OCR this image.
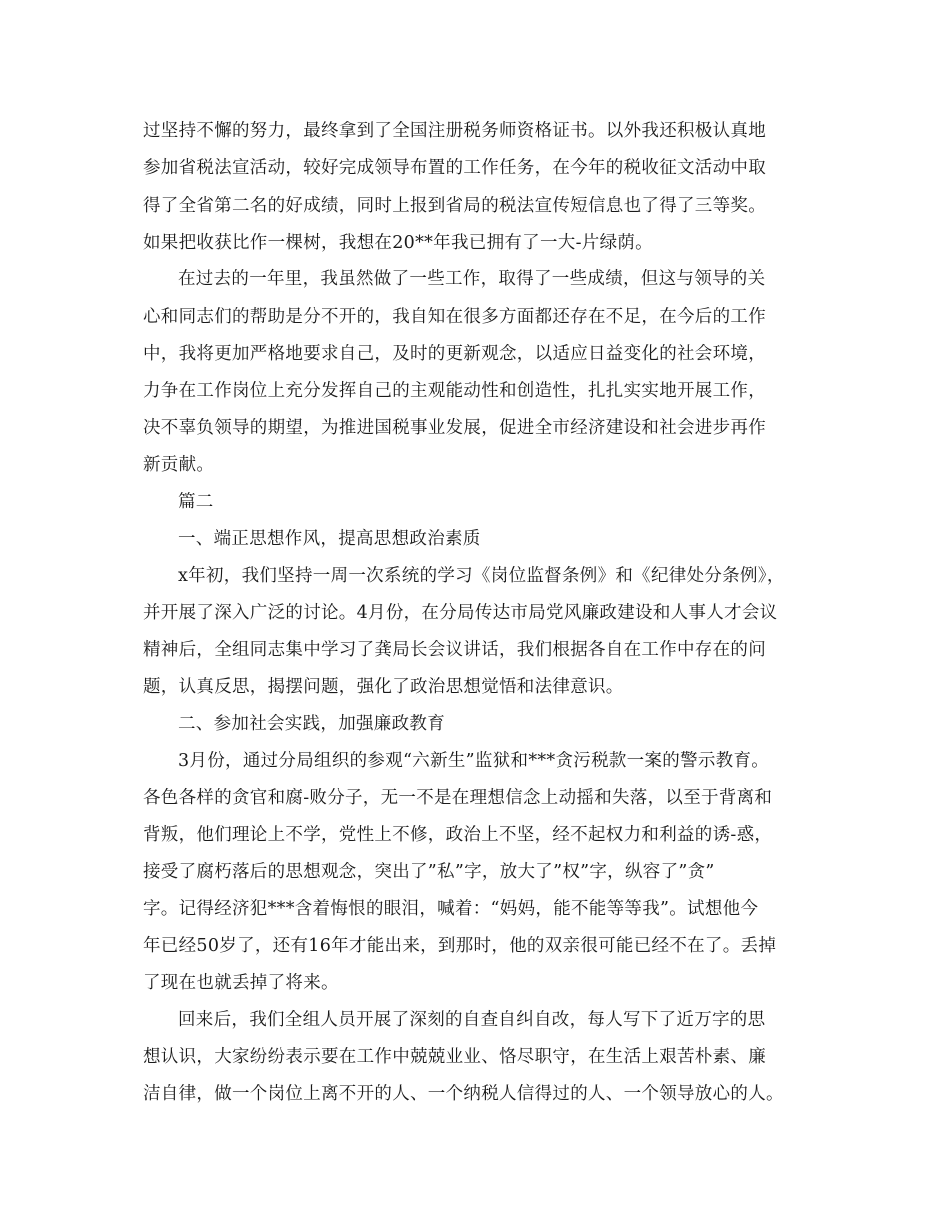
过坚持不懈的努力，最终拿到了全国注册税务师资格证书。以外我还积极认真地
参加省税法宣活动，较好完成领导布置的工作任务，在今年的税收征文活动中取
得了全省第二名的好成绩，同时上报到省局的税法宣传短信息也了得了三等奖。
如果把收获比作一棵树，我想在20**年我已拥有了一大-片绿荫。
在过去的一年里，我虽然做了一些工作，取得了一些成绩，但这与领导的关
心和同志们的帮助是分不开的，我自知在很多方面都还存在不足，在今后的工作
中，我将更加严格地要求自己，及时的更新观念，以适应日益变化的社会环境，
力争在工作岗位上充分发挥自己的主观能动性和创造性，扎扎实实地开展工作，
决不辜负领导的期望，为推进国税事业发展，促进全市经济建设和社会进步再作
新贡献。
篇二
一、端正思想作风，提高思想政治素质
x年初，我们坚持一周一次系统的学习《岗位监督条例》和《纪律处分条例》，
并开展了深入广泛的讨论。4月份，在分局传达市局党风廉政建设和人事人才会议
精神后，全组同志集中学习了龚局长会议讲话，我们根据各自在工作中存在的问
题，认真反思，揭摆问题，强化了政治思想觉悟和法律意识。
二、参加社会实践，加强廉政教育
3月份，通过分局组织的参观“六新生”监狱和***贪污税款一案的警示教育。
各色各样的贪官和腐-败分子，无一不是在理想信念上动摇和失落，以至于背离和
背叛，他们理论上不学，党性上不修，政治上不坚，经不起权力和利益的诱-惑，
接受了腐朽落后的思想观念，突出了”私”字，放大了”权”字，纵容了”贪”
字。记得经济犯***含着悔恨的眼泪，喊着：“妈妈，能不能等等我”。试想他今
年已经50岁了，还有16年才能出来，到那时，他的双亲很可能已经不在了。丢掉
了现在也就丢掉了将来。
回来后，我们全组人员开展了深刻的自查自纠自改，每人写下了近万字的思
想认识，大家纷纷表示要在工作中兢兢业业、恪尽职守，在生活上艰苦朴素、廉
洁自律，做一个岗位上离不开的人、一个纳税人信得过的人、一个领导放心的人。
